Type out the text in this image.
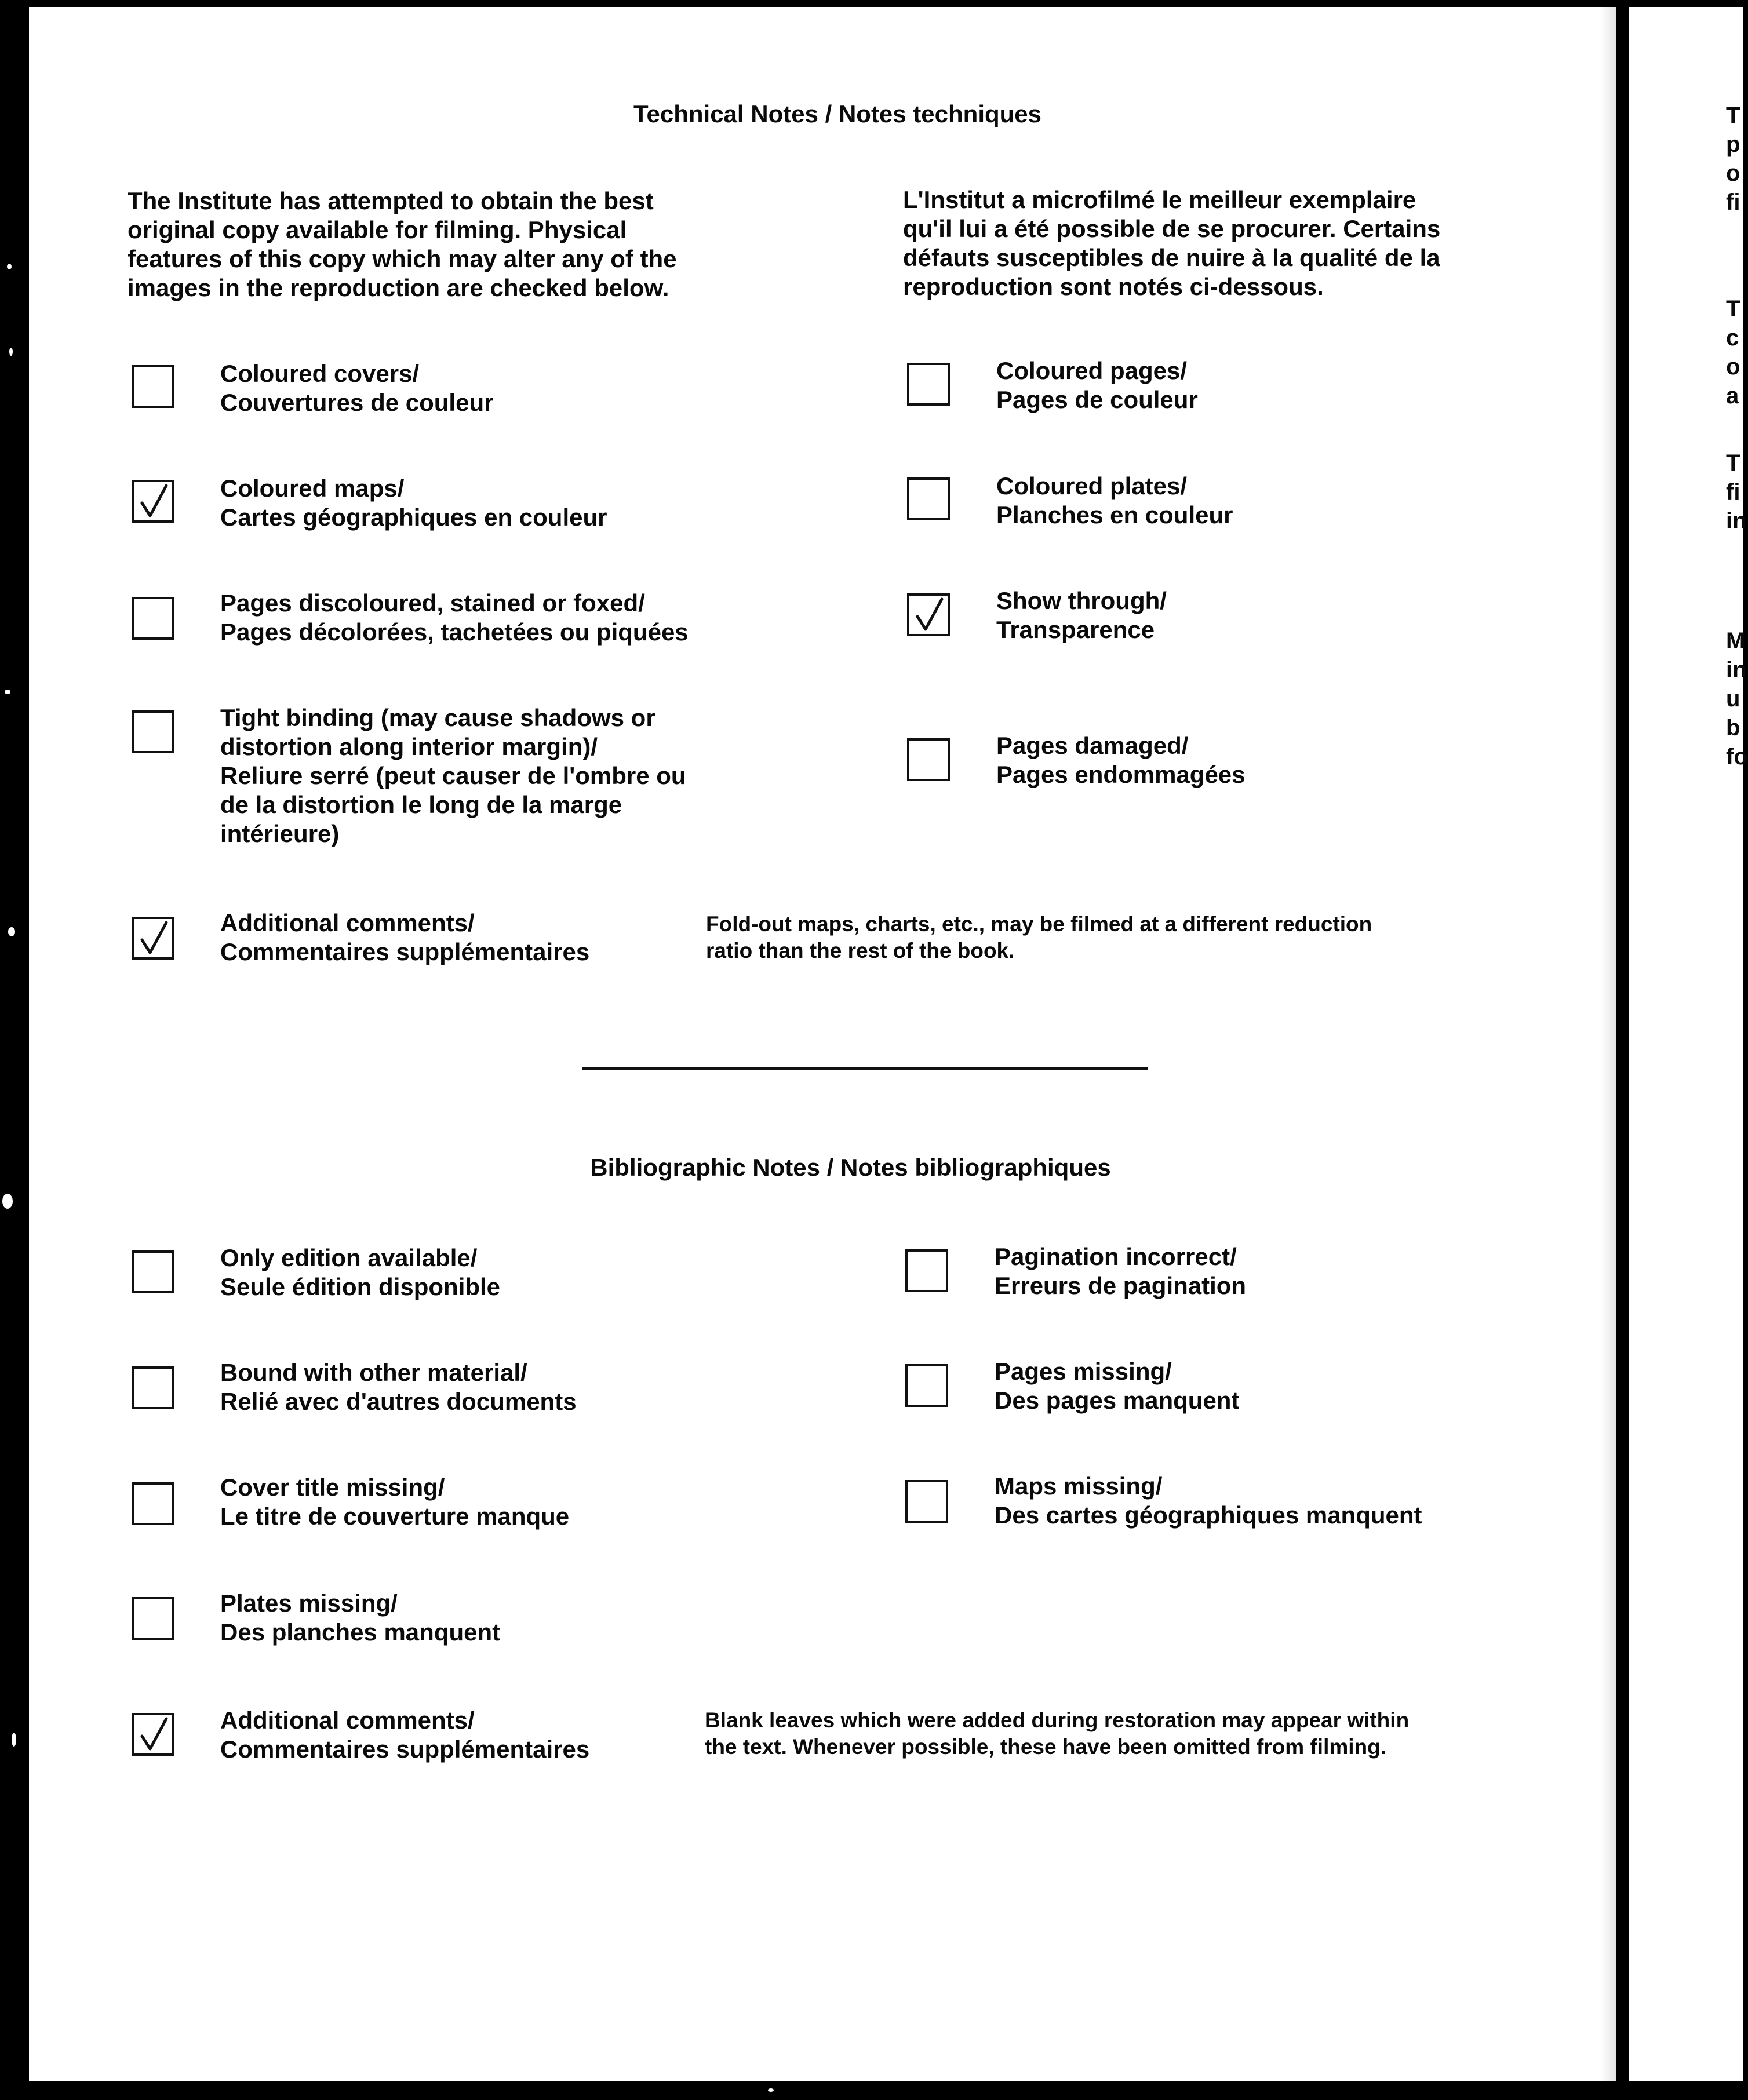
Technical Notes / Notes techniques
The Institute has attempted to obtain the best
original copy available for filming. Physical
features of this copy which may alter any of the
images in the reproduction are checked below.
L'Institut a microfilmé le meilleur exemplaire
qu'il lui a été possible de se procurer. Certains
défauts susceptibles de nuire à la qualité de la
reproduction sont notés ci-dessous.
Coloured covers/
Couvertures de couleur
Coloured pages/
Pages de couleur
Coloured maps/
Cartes géographiques en couleur
Coloured plates/
Planches en couleur
Pages discoloured, stained or foxed/
Pages décolorées, tachetées ou piquées
Show through/
Transparence
Tight binding (may cause shadows or
distortion along interior margin)/
Reliure serré (peut causer de l'ombre ou
de la distortion le long de la marge
intérieure)
Pages damaged/
Pages endommagées
Additional comments/
Commentaires supplémentaires
Fold-out maps, charts, etc., may be filmed at a different reduction
ratio than the rest of the book.
Bibliographic Notes / Notes bibliographiques
Only edition available/
Seule édition disponible
Pagination incorrect/
Erreurs de pagination
Bound with other material/
Relié avec d'autres documents
Pages missing/
Des pages manquent
Cover title missing/
Le titre de couverture manque
Maps missing/
Des cartes géographiques manquent
Plates missing/
Des planches manquent
Additional comments/
Commentaires supplémentaires
Blank leaves which were added during restoration may appear within
the text. Whenever possible, these have been omitted from filming.
T
p
o
fi
T
c
o
a
T
fi
in
M
in
u
b
fo
